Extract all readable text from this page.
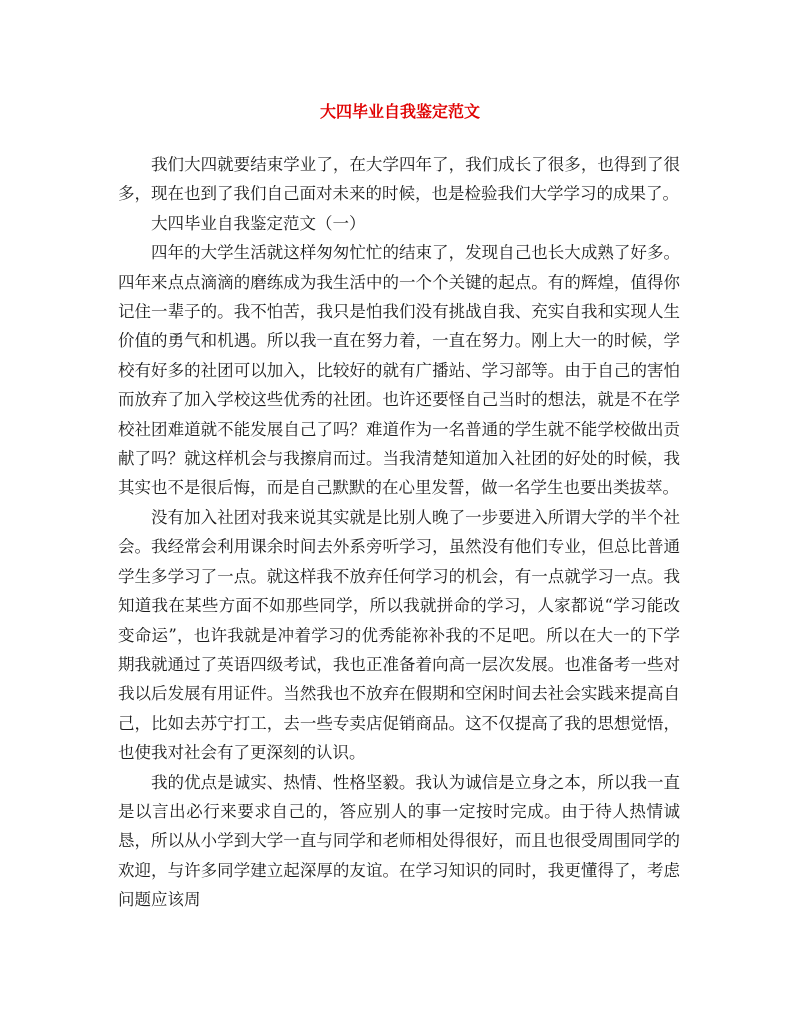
大四毕业自我鉴定范文

我们大四就要结束学业了，在大学四年了，我们成长了很多，也得到了很多，现在也到了我们自己面对未来的时候，也是检验我们大学学习的成果了。

大四毕业自我鉴定范文（一）

四年的大学生活就这样匆匆忙忙的结束了，发现自己也长大成熟了好多。四年来点点滴滴的磨练成为我生活中的一个个关键的起点。有的辉煌，值得你记住一辈子的。我不怕苦，我只是怕我们没有挑战自我、充实自我和实现人生价值的勇气和机遇。所以我一直在努力着，一直在努力。刚上大一的时候，学校有好多的社团可以加入，比较好的就有广播站、学习部等。由于自己的害怕而放弃了加入学校这些优秀的社团。也许还要怪自己当时的想法，就是不在学校社团难道就不能发展自己了吗？难道作为一名普通的学生就不能学校做出贡献了吗？就这样机会与我擦肩而过。当我清楚知道加入社团的好处的时候，我其实也不是很后悔，而是自己默默的在心里发誓，做一名学生也要出类拔萃。

没有加入社团对我来说其实就是比别人晚了一步要进入所谓大学的半个社会。我经常会利用课余时间去外系旁听学习，虽然没有他们专业，但总比普通学生多学习了一点。就这样我不放弃任何学习的机会，有一点就学习一点。我知道我在某些方面不如那些同学，所以我就拼命的学习，人家都说“学习能改变命运”，也许我就是冲着学习的优秀能祢补我的不足吧。所以在大一的下学期我就通过了英语四级考试，我也正准备着向高一层次发展。也准备考一些对我以后发展有用证件。当然我也不放弃在假期和空闲时间去社会实践来提高自己，比如去苏宁打工，去一些专卖店促销商品。这不仅提高了我的思想觉悟，也使我对社会有了更深刻的认识。

我的优点是诚实、热情、性格坚毅。我认为诚信是立身之本，所以我一直是以言出必行来要求自己的，答应别人的事一定按时完成。由于待人热情诚恳，所以从小学到大学一直与同学和老师相处得很好，而且也很受周围同学的欢迎，与许多同学建立起深厚的友谊。在学习知识的同时，我更懂得了，考虑问题应该周
